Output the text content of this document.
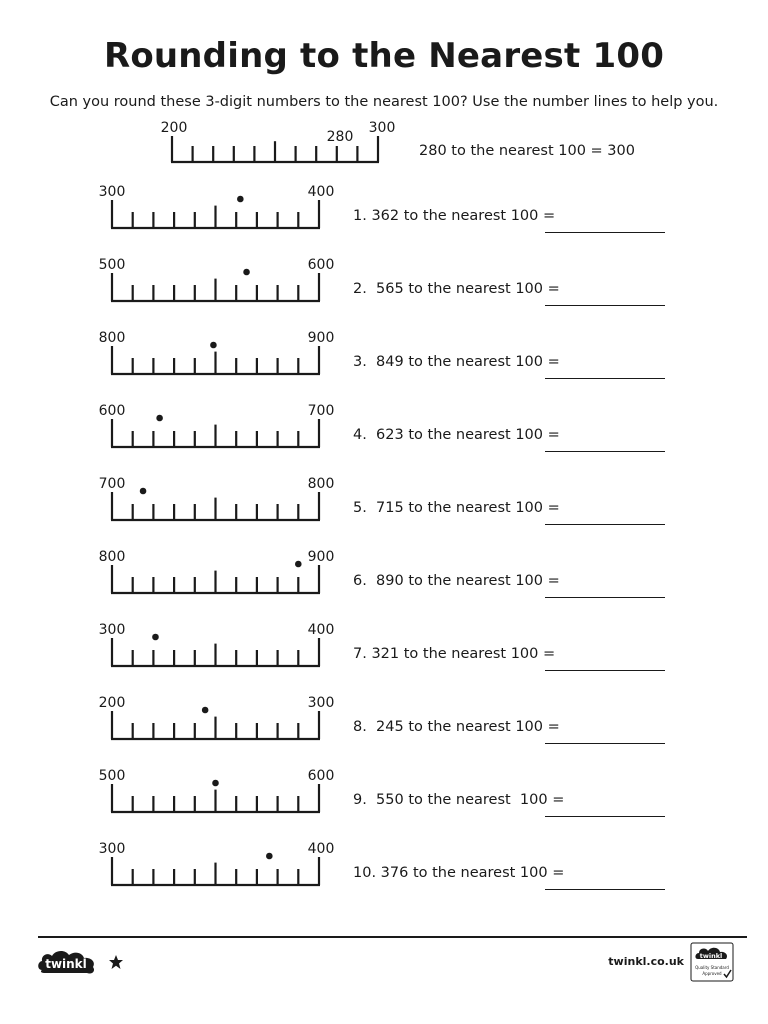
Rounding to the Nearest 100
Can you round these 3-digit numbers to the nearest 100? Use the number lines to help you.
200
280
300
280 to the nearest 100 = 300
300	400
1. 362 to the nearest 100 =
500	600
2.  565 to the nearest 100 =
800	900
3.  849 to the nearest 100 =
600	700
4.  623 to the nearest 100 =
700	800
5.  715 to the nearest 100 =
800	900
6.  890 to the nearest 100 =
300	400
7. 321 to the nearest 100 =
200	300
8.  245 to the nearest 100 =
500	600
9.  550 to the nearest  100 =
300	400
10. 376 to the nearest 100 =
twinkl	twinkl.co.uk twinkl
Quality Standard
Approved
